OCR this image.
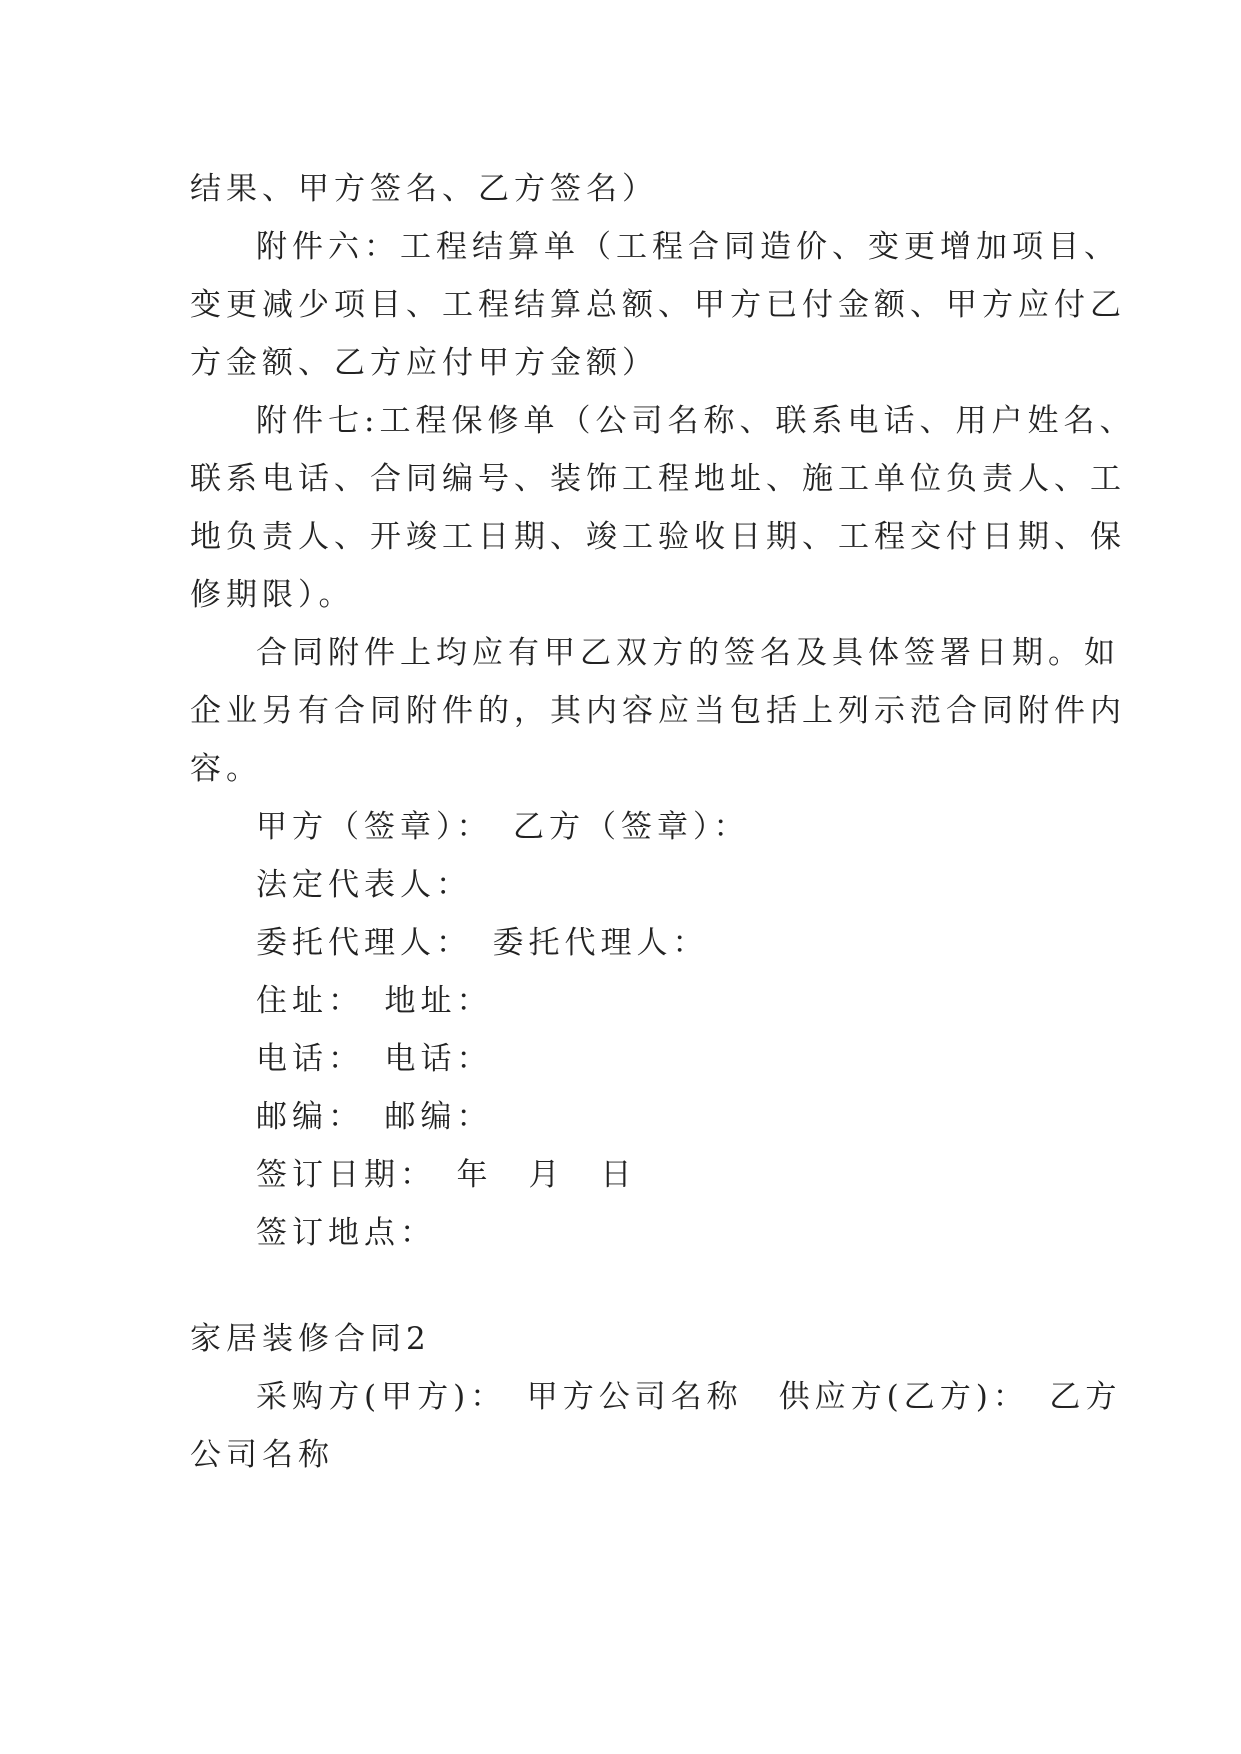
结果、甲方签名、乙方签名）
附件六：工程结算单（工程合同造价、变更增加项目、
变更减少项目、工程结算总额、甲方已付金额、甲方应付乙
方金额、乙方应付甲方金额）
附件七:工程保修单（公司名称、联系电话、用户姓名、
联系电话、合同编号、装饰工程地址、施工单位负责人、工
地负责人、开竣工日期、竣工验收日期、工程交付日期、保
修期限）。
合同附件上均应有甲乙双方的签名及具体签署日期。如
企业另有合同附件的，其内容应当包括上列示范合同附件内
容。
甲方（签章）：　乙方（签章）：
法定代表人：
委托代理人：　委托代理人：
住址：　地址：
电话：　电话：
邮编：　邮编：
签订日期：　年　月　日
签订地点：
家居装修合同2
采购方(甲方)：　甲方公司名称　供应方(乙方)：　乙方
公司名称
